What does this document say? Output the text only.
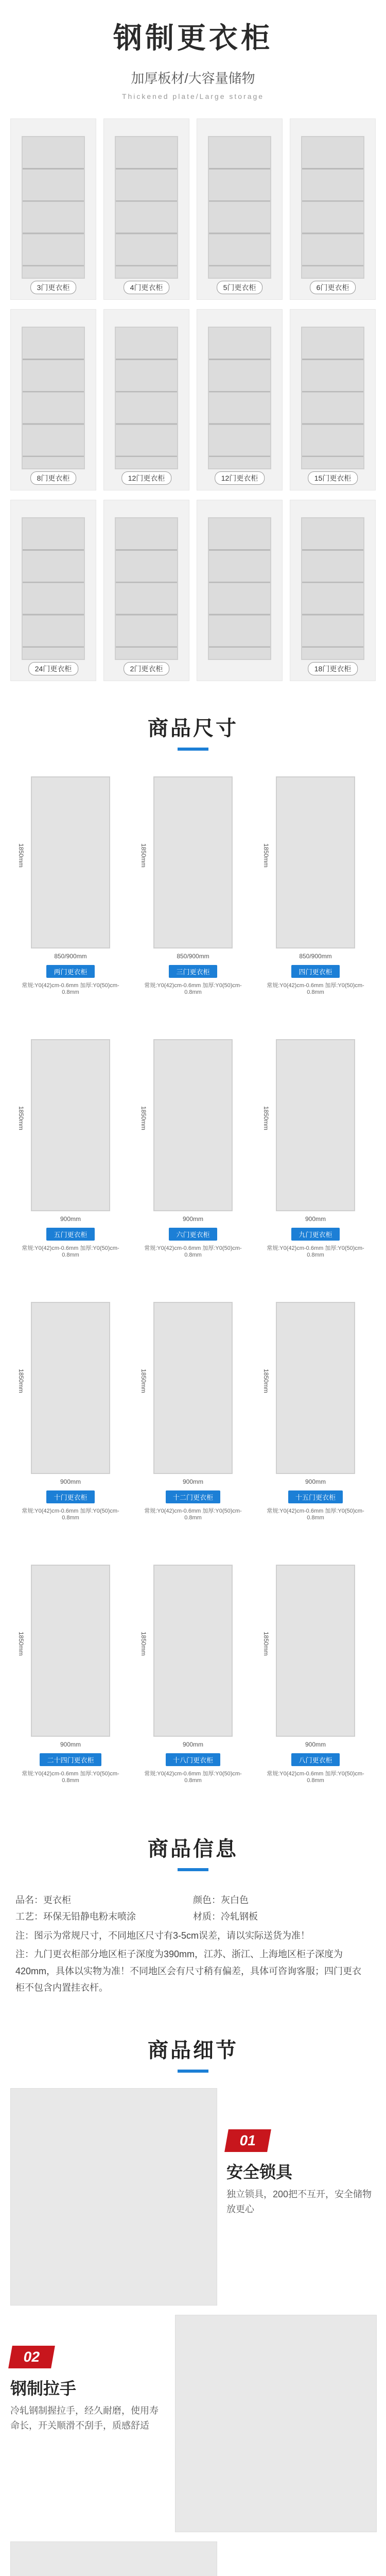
钢制更衣柜
加厚板材/大容量储物
Thickened plate/Large storage
3门更衣柜	4门更衣柜	5门更衣柜	6门更衣柜
8门更衣柜	12门更衣柜	12门更衣柜	15门更衣柜
24门更衣柜	2门更衣柜	18门更衣柜
商品尺寸
1850mm
850/900mm
两门更衣柜
常规:Y0(42)cm-0.6mm 加厚:Y0(50)cm-0.8mm
1850mm
850/900mm
三门更衣柜
常规:Y0(42)cm-0.6mm 加厚:Y0(50)cm-0.8mm
1850mm
850/900mm
四门更衣柜
常规:Y0(42)cm-0.6mm 加厚:Y0(50)cm-0.8mm
1850mm
900mm
五门更衣柜
常规:Y0(42)cm-0.6mm 加厚:Y0(50)cm-0.8mm
1850mm
900mm
六门更衣柜
常规:Y0(42)cm-0.6mm 加厚:Y0(50)cm-0.8mm
1850mm
900mm
九门更衣柜
常规:Y0(42)cm-0.6mm 加厚:Y0(50)cm-0.8mm
1850mm
900mm
十门更衣柜
常规:Y0(42)cm-0.6mm 加厚:Y0(50)cm-0.8mm
1850mm
900mm
十二门更衣柜
常规:Y0(42)cm-0.6mm 加厚:Y0(50)cm-0.8mm
1850mm
900mm
十五门更衣柜
常规:Y0(42)cm-0.6mm 加厚:Y0(50)cm-0.8mm
1850mm
900mm
二十四门更衣柜
常规:Y0(42)cm-0.6mm 加厚:Y0(50)cm-0.8mm
1850mm
900mm
十八门更衣柜
常规:Y0(42)cm-0.6mm 加厚:Y0(50)cm-0.8mm
1850mm
900mm
八门更衣柜
常规:Y0(42)cm-0.6mm 加厚:Y0(50)cm-0.8mm
商品信息
品名：更衣柜	颜色：灰白色
工艺：环保无铅静电粉末喷涂	材质：冷轧钢板

注：图示为常规尺寸，不同地区尺寸有3-5cm误差，请以实际送货为准！

注：九门更衣柜部分地区柜子深度为390mm，江苏、浙江、上海地区柜子深度为420mm，具体以实物为准！不同地区会有尺寸稍有偏差，具体可咨询客服；四门更衣柜不包含内置挂衣杆。

商品细节
01
安全锁具
独立锁具，200把不互开，安全储物放更心
02
钢制拉手
冷轧钢制握拉手，经久耐磨，使用寿命长，开关顺滑不刮手，质感舒适
